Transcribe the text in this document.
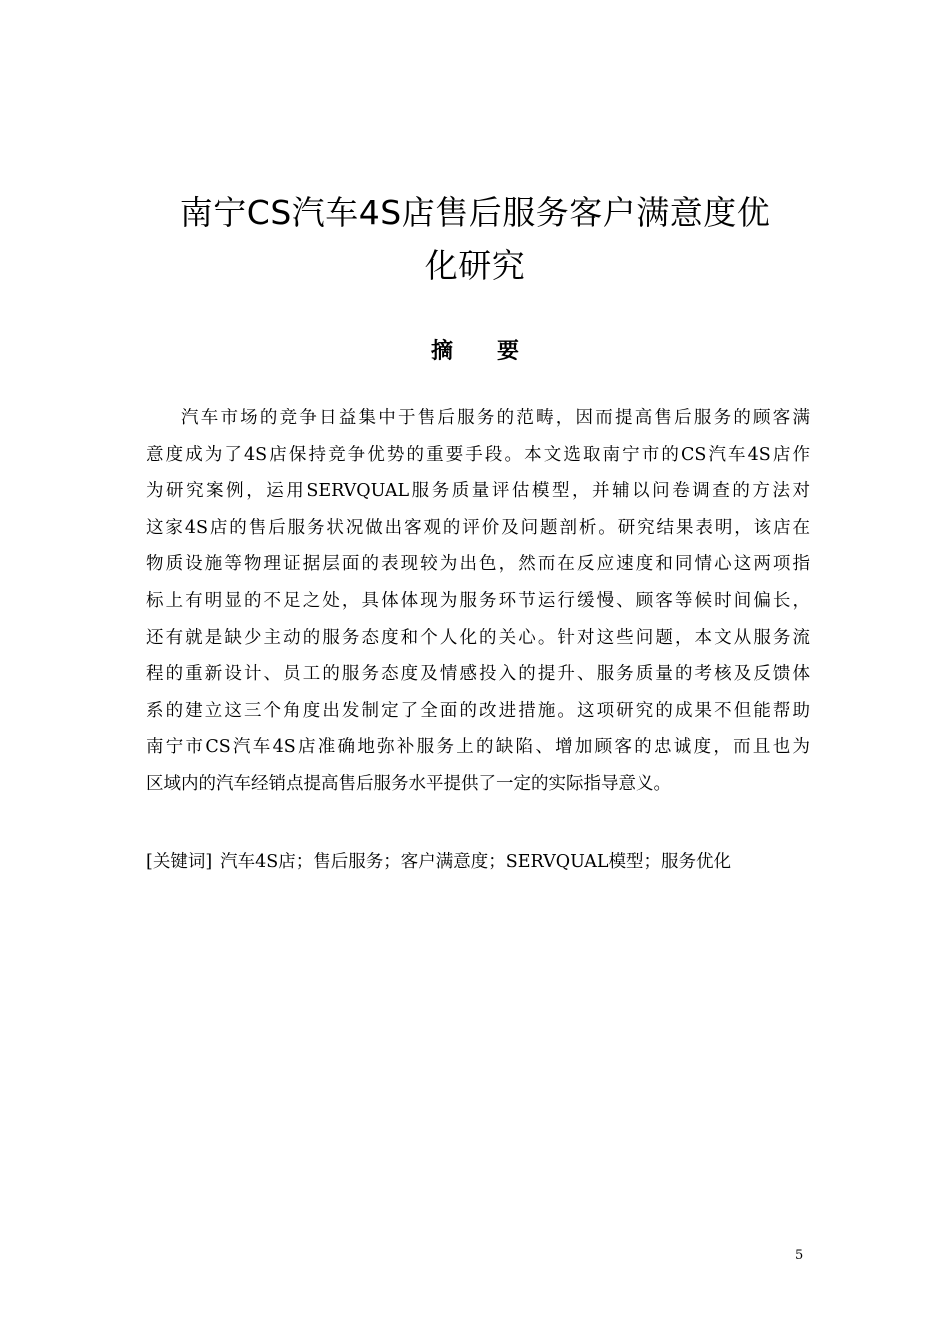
南宁CS汽车4S店售后服务客户满意度优
化研究
摘 要
汽车市场的竞争日益集中于售后服务的范畴，因而提高售后服务的顾客满
意度成为了4S店保持竞争优势的重要手段。本文选取南宁市的CS汽车4S店作
为研究案例，运用SERVQUAL服务质量评估模型，并辅以问卷调查的方法对
这家4S店的售后服务状况做出客观的评价及问题剖析。研究结果表明，该店在
物质设施等物理证据层面的表现较为出色，然而在反应速度和同情心这两项指
标上有明显的不足之处，具体体现为服务环节运行缓慢、顾客等候时间偏长，
还有就是缺少主动的服务态度和个人化的关心。针对这些问题，本文从服务流
程的重新设计、员工的服务态度及情感投入的提升、服务质量的考核及反馈体
系的建立这三个角度出发制定了全面的改进措施。这项研究的成果不但能帮助
南宁市CS汽车4S店准确地弥补服务上的缺陷、增加顾客的忠诚度，而且也为
区域内的汽车经销点提高售后服务水平提供了一定的实际指导意义。
[关键词] 汽车4S店；售后服务；客户满意度；SERVQUAL模型；服务优化
5
